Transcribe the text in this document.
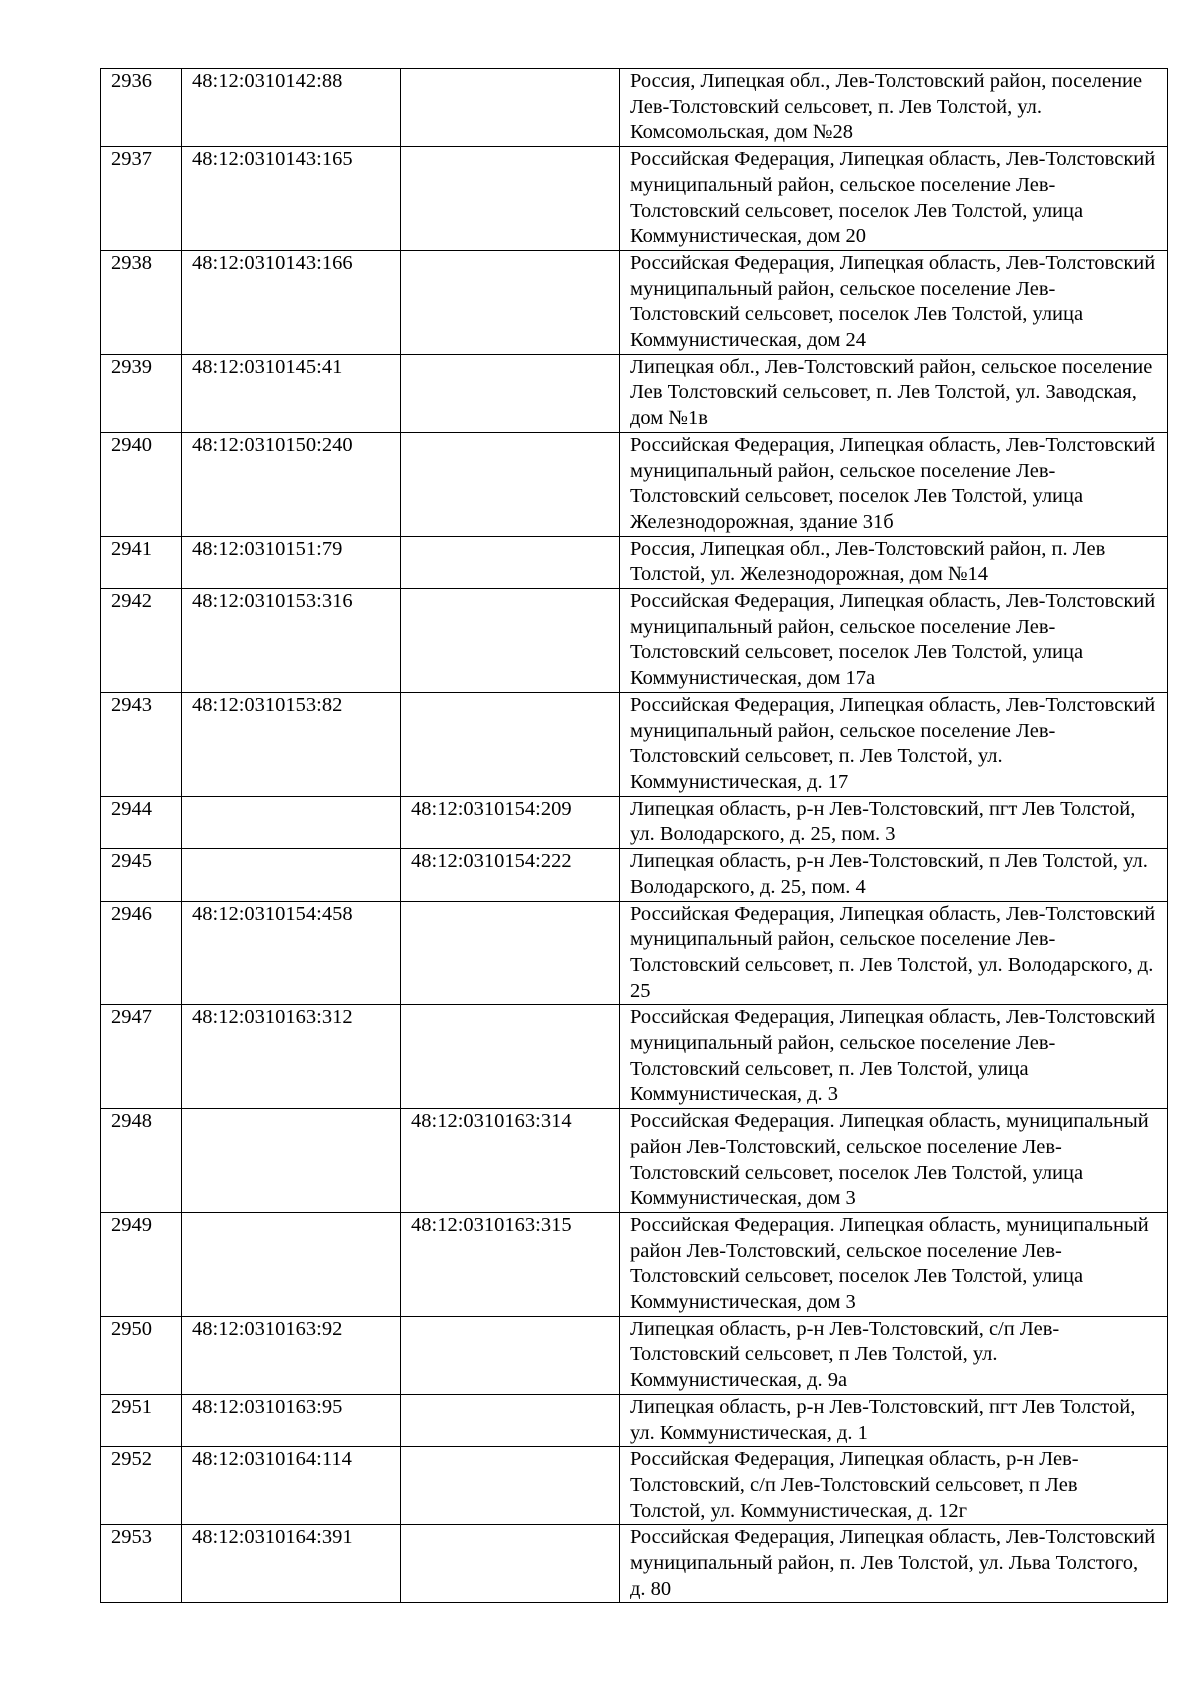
2936	48:12:0310142:88		Россия, Липецкая обл., Лев-Толстовский район, поселение Лев-Толстовский сельсовет, п. Лев Толстой, ул. Комсомольская, дом №28
2937	48:12:0310143:165		Российская Федерация, Липецкая область, Лев-Толстовский муниципальный район, сельское поселение Лев-Толстовский сельсовет, поселок Лев Толстой, улица Коммунистическая, дом 20
2938	48:12:0310143:166		Российская Федерация, Липецкая область, Лев-Толстовский муниципальный район, сельское поселение Лев-Толстовский сельсовет, поселок Лев Толстой, улица Коммунистическая, дом 24
2939	48:12:0310145:41		Липецкая обл., Лев-Толстовский район, сельское поселение Лев Толстовский сельсовет, п. Лев Толстой, ул. Заводская, дом №1в
2940	48:12:0310150:240		Российская Федерация, Липецкая область, Лев-Толстовский муниципальный район, сельское поселение Лев-Толстовский сельсовет, поселок Лев Толстой, улица Железнодорожная, здание 31б
2941	48:12:0310151:79		Россия, Липецкая обл., Лев-Толстовский район, п. Лев Толстой, ул. Железнодорожная, дом №14
2942	48:12:0310153:316		Российская Федерация, Липецкая область, Лев-Толстовский муниципальный район, сельское поселение Лев-Толстовский сельсовет, поселок Лев Толстой, улица Коммунистическая, дом 17а
2943	48:12:0310153:82		Российская Федерация, Липецкая область, Лев-Толстовский муниципальный район, сельское поселение Лев-Толстовский сельсовет, п. Лев Толстой, ул. Коммунистическая, д. 17
2944		48:12:0310154:209	Липецкая область, р-н Лев-Толстовский, пгт Лев Толстой, ул. Володарского, д. 25, пом. 3
2945		48:12:0310154:222	Липецкая область, р-н Лев-Толстовский, п Лев Толстой, ул. Володарского, д. 25, пом. 4
2946	48:12:0310154:458		Российская Федерация, Липецкая область, Лев-Толстовский муниципальный район, сельское поселение Лев-Толстовский сельсовет, п. Лев Толстой, ул. Володарского, д. 25
2947	48:12:0310163:312		Российская Федерация, Липецкая область, Лев-Толстовский муниципальный район, сельское поселение Лев-Толстовский сельсовет, п. Лев Толстой, улица Коммунистическая, д. 3
2948		48:12:0310163:314	Российская Федерация. Липецкая область, муниципальный район Лев-Толстовский, сельское поселение Лев-Толстовский сельсовет, поселок Лев Толстой, улица Коммунистическая, дом 3
2949		48:12:0310163:315	Российская Федерация. Липецкая область, муниципальный район Лев-Толстовский, сельское поселение Лев-Толстовский сельсовет, поселок Лев Толстой, улица Коммунистическая, дом 3
2950	48:12:0310163:92		Липецкая область, р-н Лев-Толстовский, с/п Лев-Толстовский сельсовет, п Лев Толстой, ул. Коммунистическая, д. 9а
2951	48:12:0310163:95		Липецкая область, р-н Лев-Толстовский, пгт Лев Толстой, ул. Коммунистическая, д. 1
2952	48:12:0310164:114		Российская Федерация, Липецкая область, р-н Лев-Толстовский, с/п Лев-Толстовский сельсовет, п Лев Толстой, ул. Коммунистическая, д. 12г
2953	48:12:0310164:391		Российская Федерация, Липецкая область, Лев-Толстовский муниципальный район, п. Лев Толстой, ул. Льва Толстого, д. 80
